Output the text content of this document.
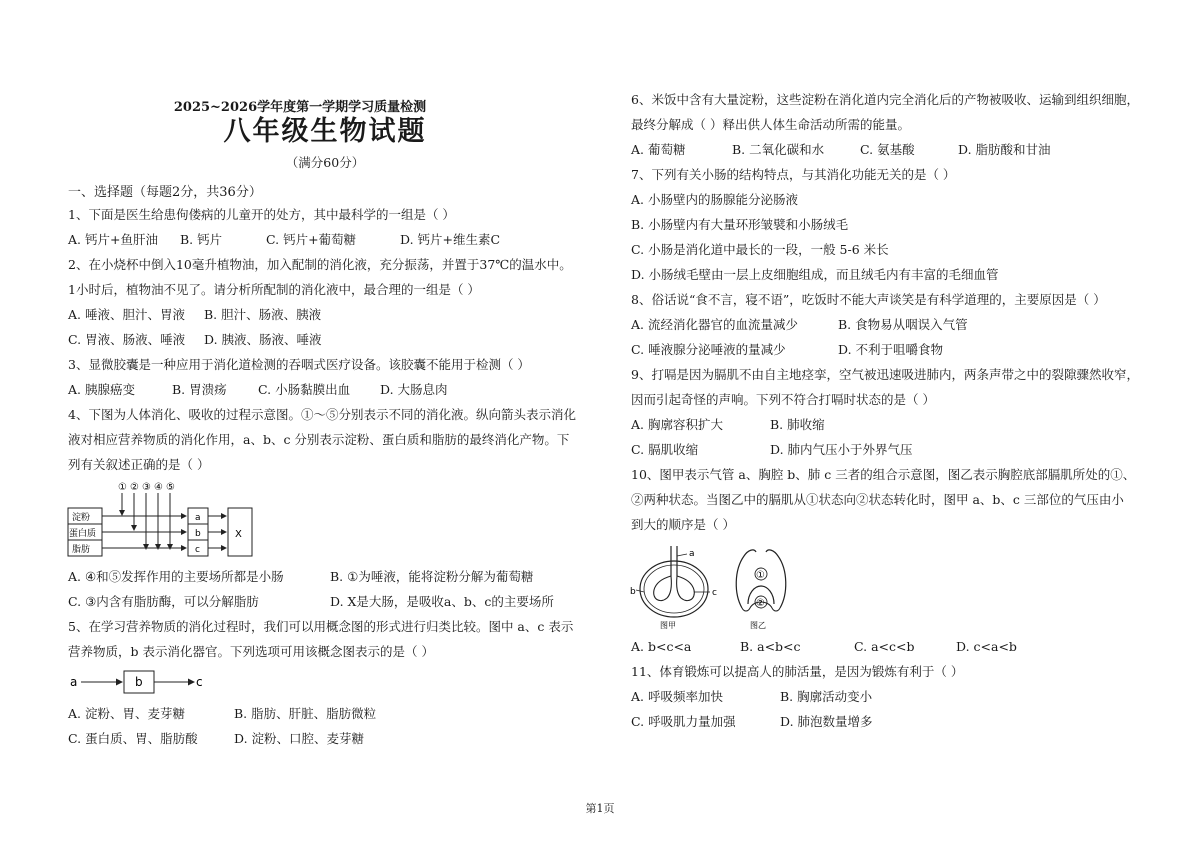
2025~2026学年度第一学期学习质量检测
八年级生物试题
（满分60分）
一、选择题（每题2分，共36分）
1、下面是医生给患佝偻病的儿童开的处方，其中最科学的一组是（ ）
A. 钙片+鱼肝油 B. 钙片	C. 钙片+葡萄糖	D. 钙片+维生素C
2、在小烧杯中倒入10毫升植物油，加入配制的消化液，充分振荡，并置于37℃的温水中。
1小时后，植物油不见了。请分析所配制的消化液中，最合理的一组是（ ）
A. 唾液、胆汁、胃液 B. 胆汁、肠液、胰液
C. 胃液、肠液、唾液 D. 胰液、肠液、唾液
3、显微胶囊是一种应用于消化道检测的吞咽式医疗设备。该胶囊不能用于检测（ ）
A. 胰腺癌变	B. 胃溃疡	C. 小肠黏膜出血 D. 大肠息肉
4、下图为人体消化、吸收的过程示意图。①～⑤分别表示不同的消化液。纵向箭头表示消化
液对相应营养物质的消化作用，a、b、c 分别表示淀粉、蛋白质和脂肪的最终消化产物。下
列有关叙述正确的是（ ）
① ② ③ ④ ⑤
淀粉
蛋白质
脂肪
a
b
c
X
A. ④和⑤发挥作用的主要场所都是小肠	B. ①为唾液，能将淀粉分解为葡萄糖
C. ③内含有脂肪酶，可以分解脂肪	D. X是大肠，是吸收a、b、c的主要场所
5、在学习营养物质的消化过程时，我们可以用概念图的形式进行归类比较。图中 a、c 表示
营养物质，b 表示消化器官。下列选项可用该概念图表示的是（ ）
a	b	c
A. 淀粉、胃、麦芽糖	B. 脂肪、肝脏、脂肪微粒
C. 蛋白质、胃、脂肪酸	D. 淀粉、口腔、麦芽糖
6、米饭中含有大量淀粉，这些淀粉在消化道内完全消化后的产物被吸收、运输到组织细胞，
最终分解成（ ）释出供人体生命活动所需的能量。
A. 葡萄糖	B. 二氧化碳和水	C. 氨基酸	D. 脂肪酸和甘油
7、下列有关小肠的结构特点，与其消化功能无关的是（ ）
A. 小肠壁内的肠腺能分泌肠液
B. 小肠壁内有大量环形皱襞和小肠绒毛
C. 小肠是消化道中最长的一段，一般 5-6 米长
D. 小肠绒毛壁由一层上皮细胞组成，而且绒毛内有丰富的毛细血管
8、俗话说“食不言，寝不语”，吃饭时不能大声谈笑是有科学道理的，主要原因是（ ）
A. 流经消化器官的血流量减少	B. 食物易从咽误入气管
C. 唾液腺分泌唾液的量减少	D. 不利于咀嚼食物
9、打嗝是因为膈肌不由自主地痉挛，空气被迅速吸进肺内，两条声带之中的裂隙骤然收窄，
因而引起奇怪的声响。下列不符合打嗝时状态的是（ ）
A. 胸廓容积扩大	B. 肺收缩
C. 膈肌收缩	D. 肺内气压小于外界气压
10、图甲表示气管 a、胸腔 b、肺 c 三者的组合示意图，图乙表示胸腔底部膈肌所处的①、
②两种状态。当图乙中的膈肌从①状态向②状态转化时，图甲 a、b、c 三部位的气压由小
到大的顺序是（ ）
a
b	c
图甲
①
②
图乙
A. b<c<a	B. a<b<c	C. a<c<b	D. c<a<b
11、体育锻炼可以提高人的肺活量，是因为锻炼有利于（ ）
A. 呼吸频率加快	B. 胸廓活动变小
C. 呼吸肌力量加强	D. 肺泡数量增多
第1页
